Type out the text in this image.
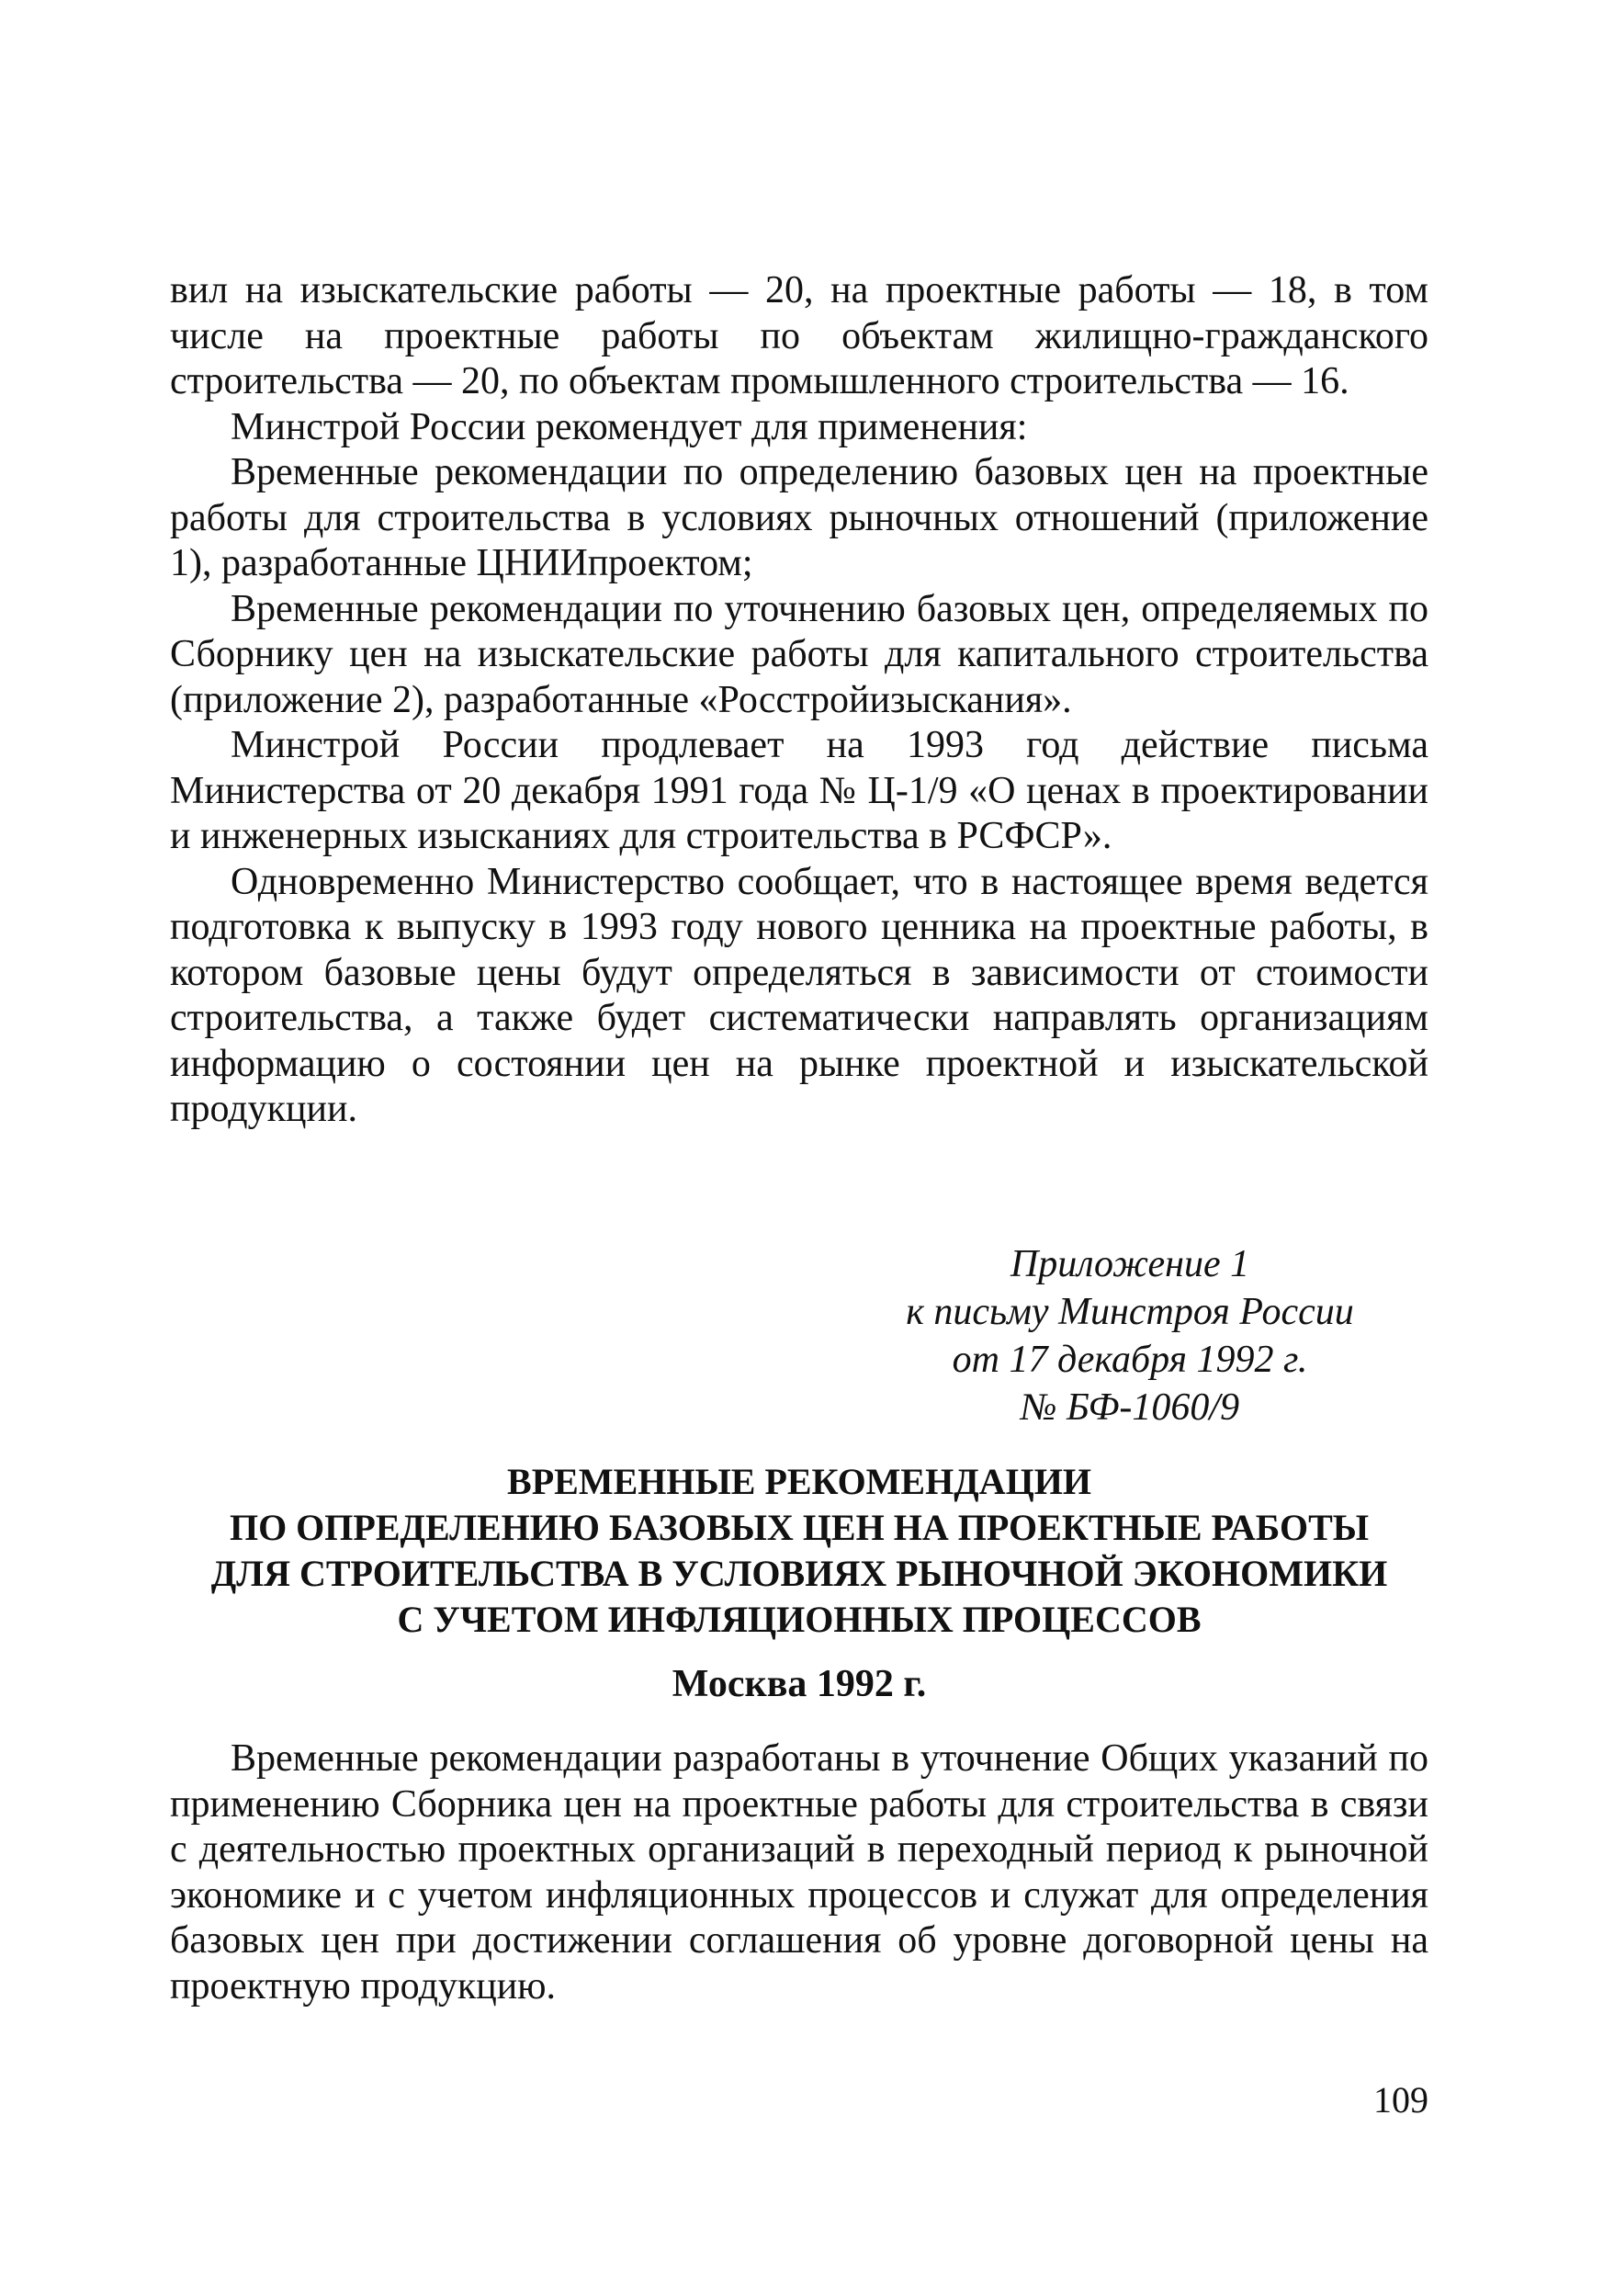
вил на изыскательские работы — 20, на проектные работы — 18, в том числе на проектные работы по объектам жилищно-гражданского строительства — 20, по объектам промышленного строительства — 16.

Минстрой России рекомендует для применения:

Временные рекомендации по определению базовых цен на проектные работы для строительства в условиях рыночных отношений (приложение 1), разработанные ЦНИИпроектом;

Временные рекомендации по уточнению базовых цен, определяемых по Сборнику цен на изыскательские работы для капитального строительства (приложение 2), разработанные «Росстройизыскания».

Минстрой России продлевает на 1993 год действие письма Министерства от 20 декабря 1991 года № Ц-1/9 «О ценах в проектировании и инженерных изысканиях для строительства в РСФСР».

Одновременно Министерство сообщает, что в настоящее время ведется подготовка к выпуску в 1993 году нового ценника на проектные работы, в котором базовые цены будут определяться в зависимости от стоимости строительства, а также будет систематически направлять организациям информацию о состоянии цен на рынке проектной и изыскательской продукции.

Приложение 1
к письму Минстроя России
от 17 декабря 1992 г.
№ БФ-1060/9
ВРЕМЕННЫЕ РЕКОМЕНДАЦИИ
ПО ОПРЕДЕЛЕНИЮ БАЗОВЫХ ЦЕН НА ПРОЕКТНЫЕ РАБОТЫ
ДЛЯ СТРОИТЕЛЬСТВА В УСЛОВИЯХ РЫНОЧНОЙ ЭКОНОМИКИ
С УЧЕТОМ ИНФЛЯЦИОННЫХ ПРОЦЕССОВ
Москва 1992 г.

Временные рекомендации разработаны в уточнение Общих указаний по применению Сборника цен на проектные работы для строительства в связи с деятельностью проектных организаций в переходный период к рыночной экономике и с учетом инфляционных процессов и служат для определения базовых цен при достижении соглашения об уровне договорной цены на проектную продукцию.

109
